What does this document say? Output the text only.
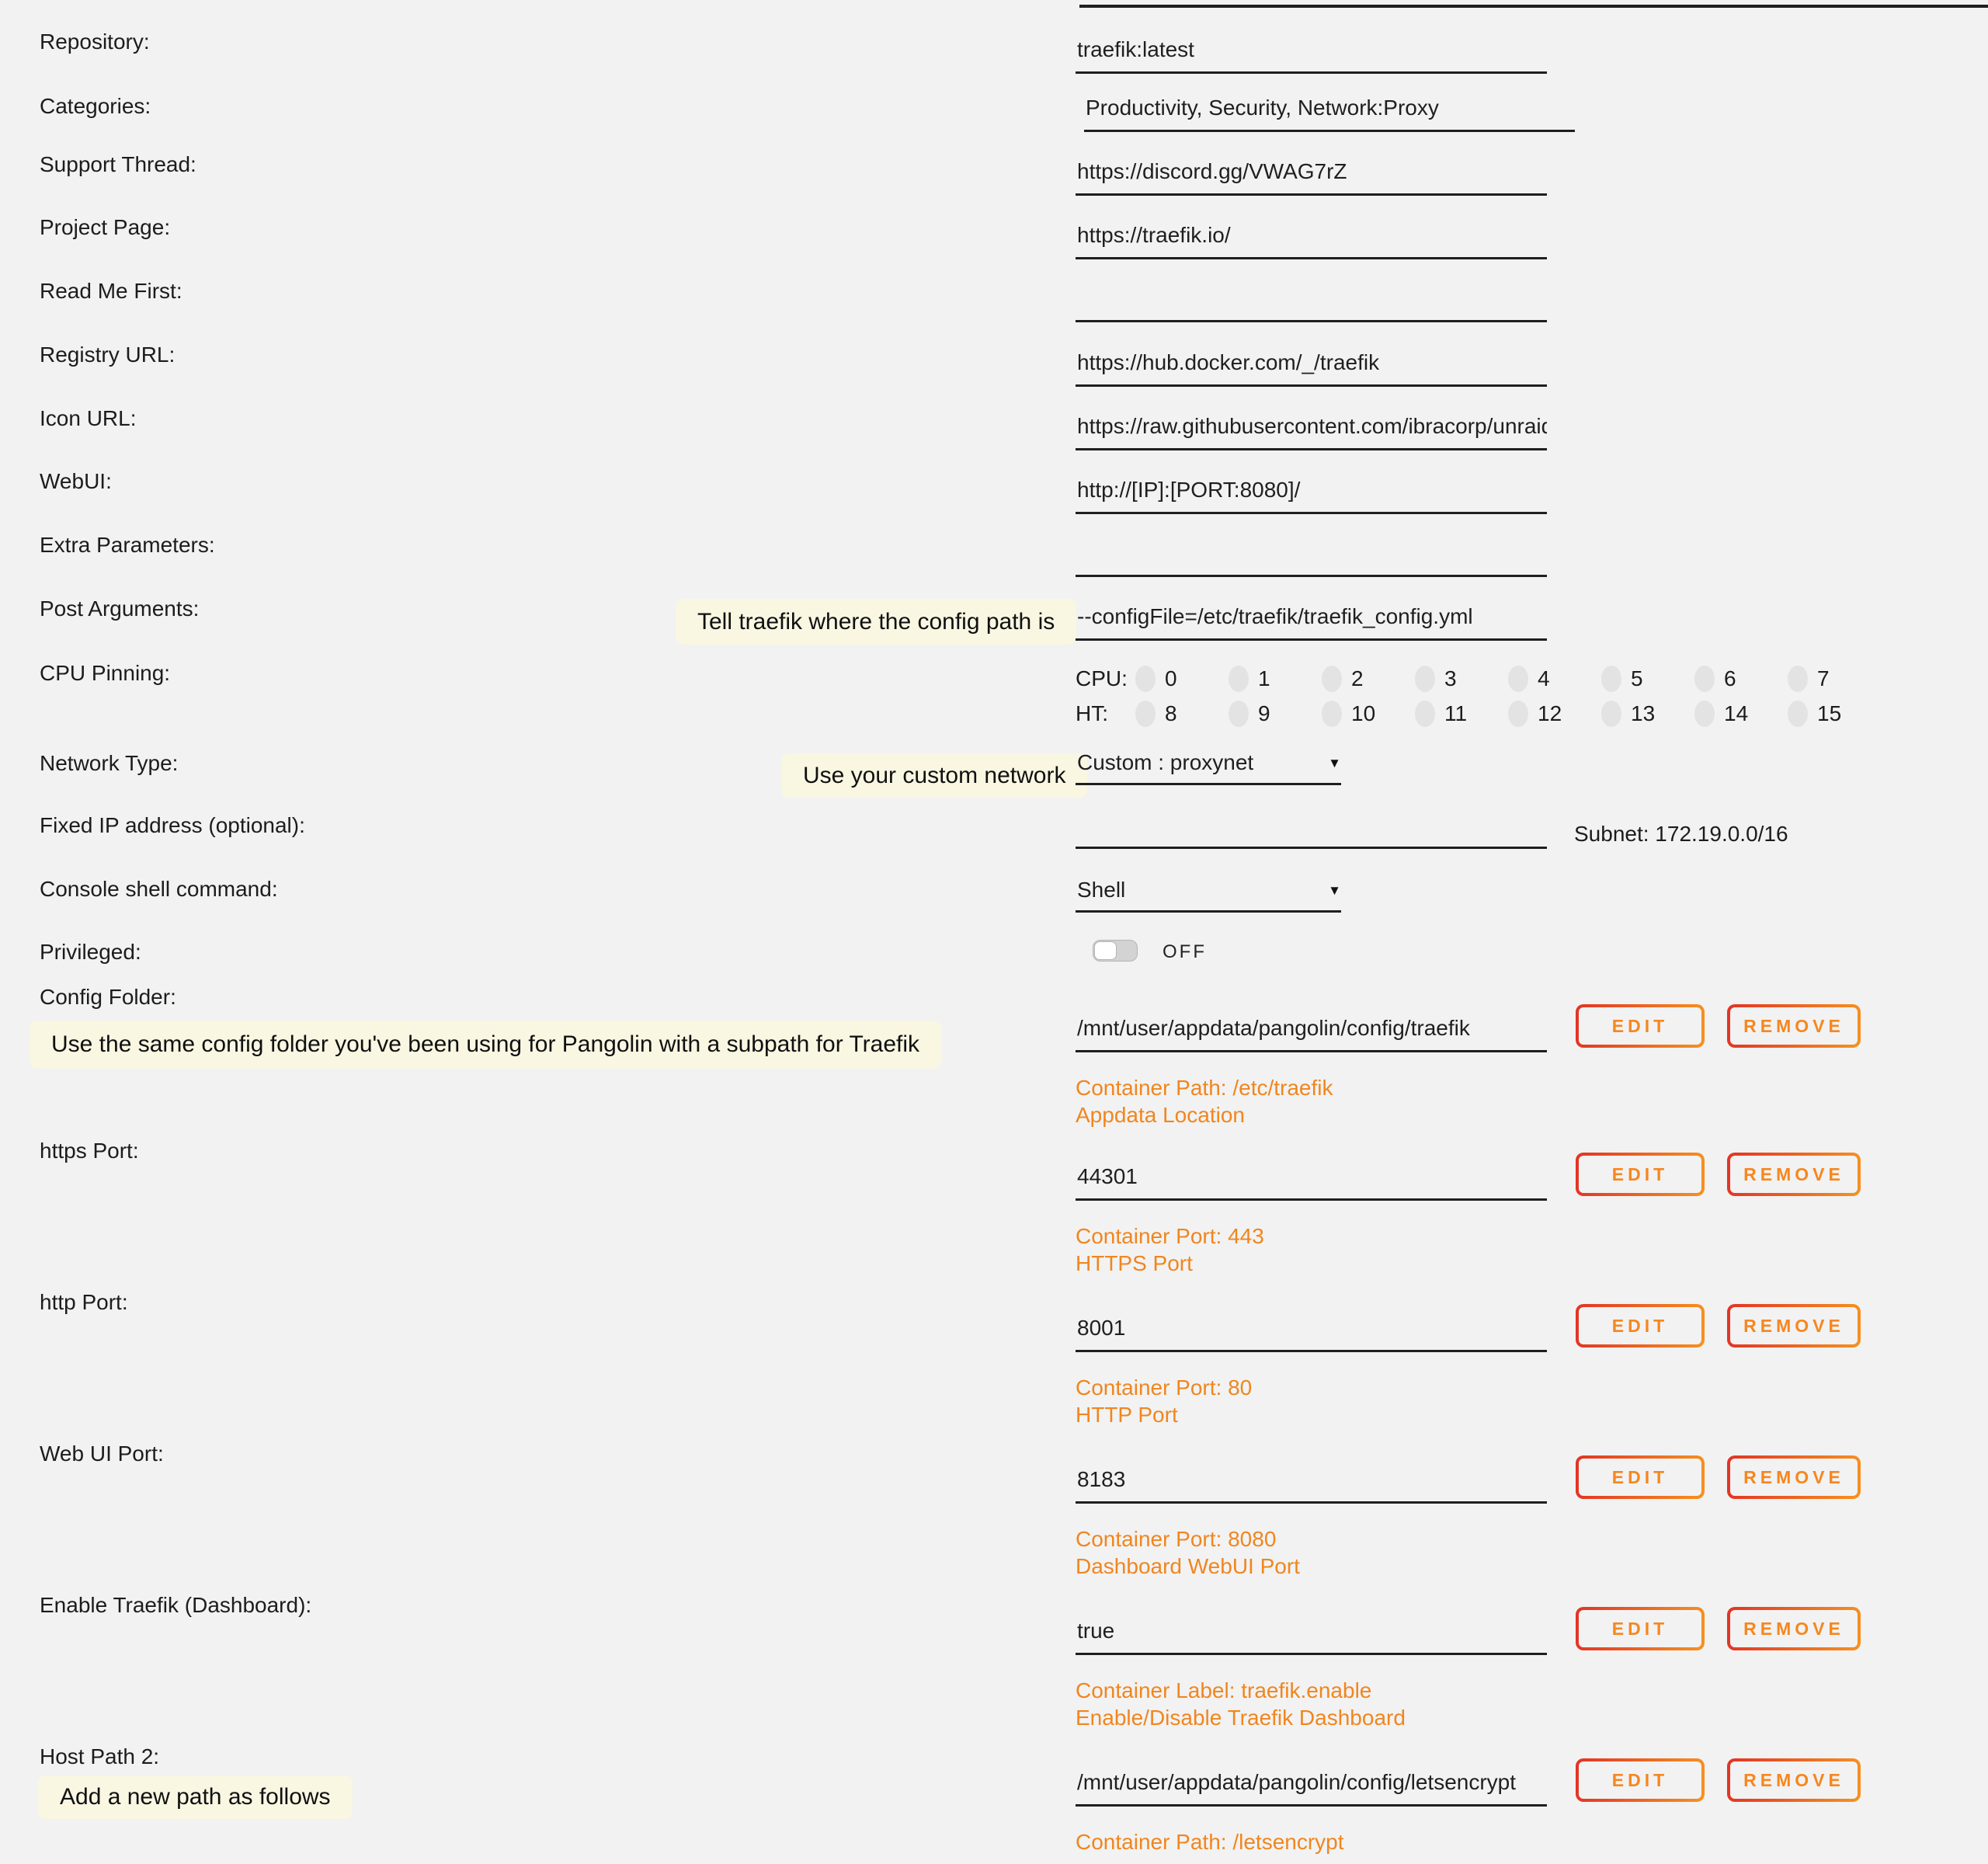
Repository:
traefik:latest
Categories:
Productivity, Security, Network:Proxy
Support Thread:
https://discord.gg/VWAG7rZ
Project Page:
https://traefik.io/
Read Me First:
Registry URL:
https://hub.docker.com/_/traefik
Icon URL:
https://raw.githubusercontent.com/ibracorp/unraid
WebUI:
http://[IP]:[PORT:8080]/
Extra Parameters:
Post Arguments:	Tell traefik where the config path is
--configFile=/etc/traefik/traefik_config.yml
CPU Pinning:	CPU: 0	1	2	3	4	5	6	7
HT:	8	9	10	11	12	13	14	15
Network Type:	Use your custom network	▼
Custom : proxynet
Fixed IP address (optional):	Subnet: 172.19.0.0/16
Console shell command:	▼
Shell
Privileged:	OFF
Config Folder:
Use the same config folder you've been using for Pangolin with a subpath for Traefik
/mnt/user/appdata/pangolin/config/traefik
EDIT	REMOVE
Container Path: /etc/traefik
Appdata Location
https Port:
44301
EDIT	REMOVE
Container Port: 443
HTTPS Port
http Port:
8001
EDIT	REMOVE
Container Port: 80
HTTP Port
Web UI Port:
8183
EDIT	REMOVE
Container Port: 8080
Dashboard WebUI Port
Enable Traefik (Dashboard):
true
EDIT	REMOVE
Container Label: traefik.enable
Enable/Disable Traefik Dashboard
Host Path 2:
Add a new path as follows
/mnt/user/appdata/pangolin/config/letsencrypt
EDIT	REMOVE
Container Path: /letsencrypt
